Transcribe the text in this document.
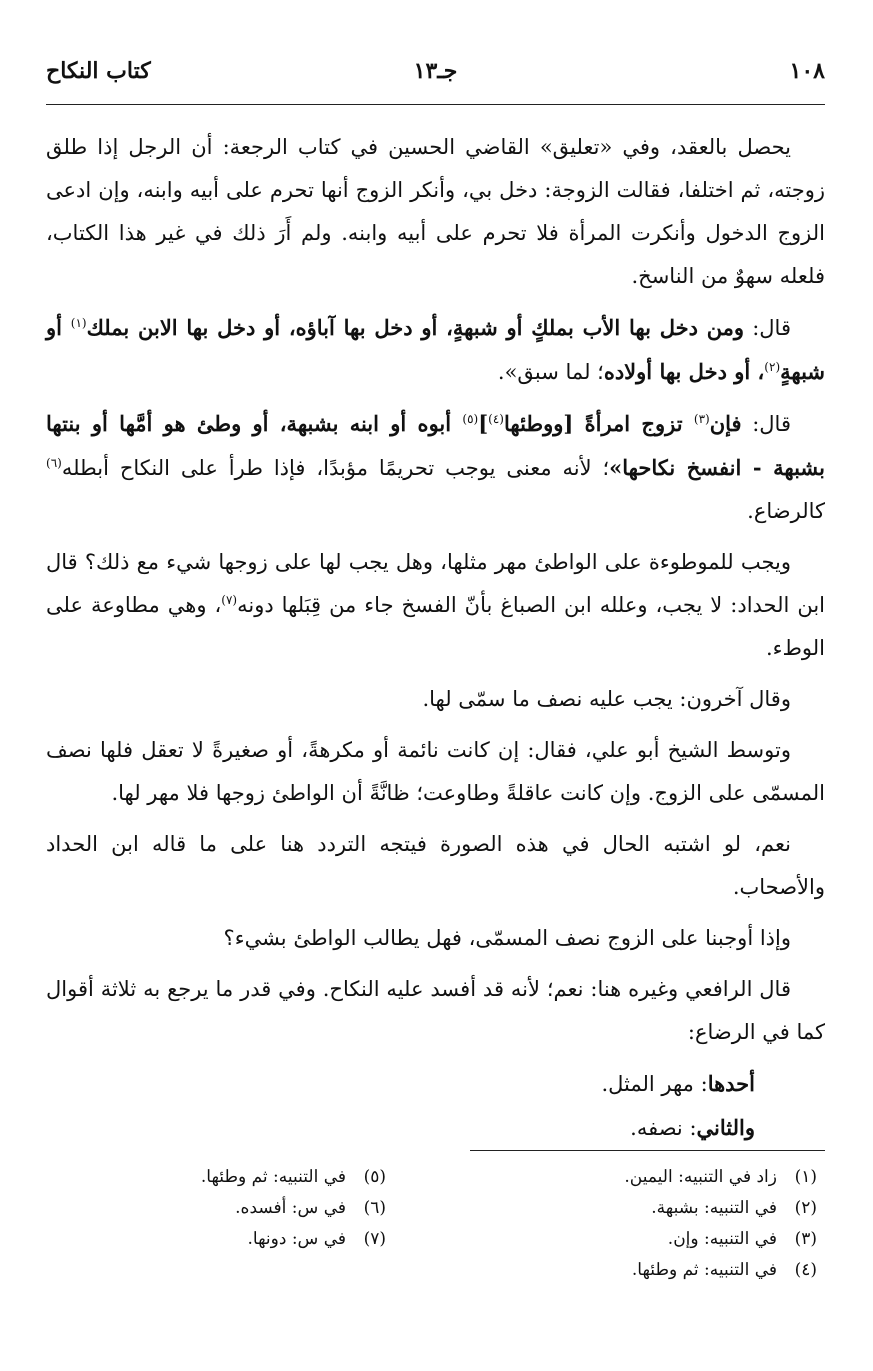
١٠٨
جـ١٣
كتاب النكاح

يحصل بالعقد، وفي «تعليق» القاضي الحسين في كتاب الرجعة: أن الرجل إذا طلق زوجته، ثم اختلفا، فقالت الزوجة: دخل بي، وأنكر الزوج أنها تحرم على أبيه وابنه، وإن ادعى الزوج الدخول وأنكرت المرأة فلا تحرم على أبيه وابنه. ولم أَرَ ذلك في غير هذا الكتاب، فلعله سهوٌ من الناسخ.

قال: ومن دخل بها الأب بملكٍ أو شبهةٍ، أو دخل بها آباؤه، أو دخل بها الابن بملك$^{(١)}$ أو شبهةٍ$^{(٢)}$، أو دخل بها أولاده؛ لما سبق».

قال: فإن$^{(٣)}$ تزوج امرأةً [ووطئها$^{(٤)}$]$^{(٥)}$ أبوه أو ابنه بشبهة، أو وطئ هو أمَّها أو بنتها بشبهة - انفسخ نكاحها»؛ لأنه معنى يوجب تحريمًا مؤبدًا، فإذا طرأ على النكاح أبطله$^{(٦)}$ كالرضاع.

ويجب للموطوءة على الواطئ مهر مثلها، وهل يجب لها على زوجها شيء مع ذلك؟ قال ابن الحداد: لا يجب، وعلله ابن الصباغ بأنّ الفسخ جاء من قِبَلها دونه$^{(٧)}$، وهي مطاوعة على الوطء.

وقال آخرون: يجب عليه نصف ما سمّى لها.

وتوسط الشيخ أبو علي، فقال: إن كانت نائمة أو مكرهةً، أو صغيرةً لا تعقل فلها نصف المسمّى على الزوج. وإن كانت عاقلةً وطاوعت؛ ظانَّةً أن الواطئ زوجها فلا مهر لها.

نعم، لو اشتبه الحال في هذه الصورة فيتجه التردد هنا على ما قاله ابن الحداد والأصحاب.

وإذا أوجبنا على الزوج نصف المسمّى، فهل يطالب الواطئ بشيء؟

قال الرافعي وغيره هنا: نعم؛ لأنه قد أفسد عليه النكاح. وفي قدر ما يرجع به ثلاثة أقوال كما في الرضاع:

أحدها: مهر المثل.

والثاني: نصفه.

(١)زاد في التنبيه: اليمين.
(٢)في التنبيه: بشبهة.
(٣)في التنبيه: وإن.
(٤)في التنبيه: ثم وطئها.
(٥)في التنبيه: ثم وطئها.
(٦)في س: أفسده.
(٧)في س: دونها.
